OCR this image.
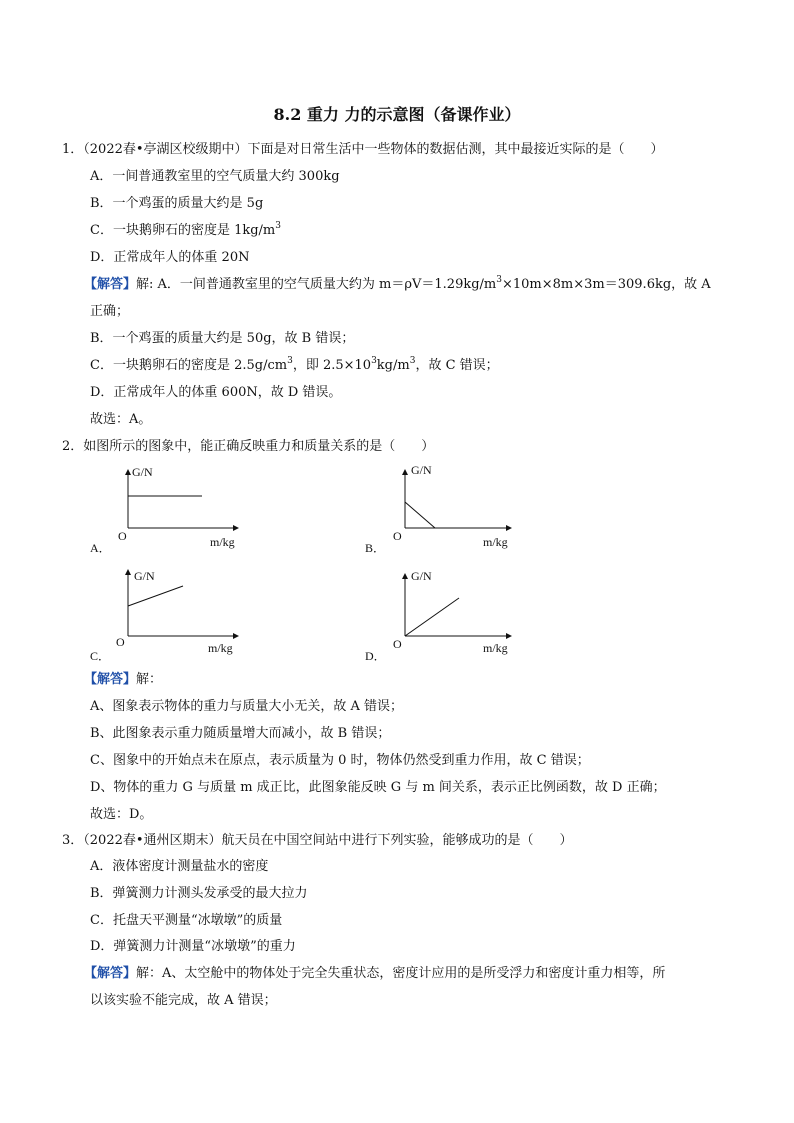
8.2 重力 力的示意图（备课作业）
1．（2022春•亭湖区校级期中）下面是对日常生活中一些物体的数据估测，其中最接近实际的是（　　）
A．一间普通教室里的空气质量大约 300kg
B．一个鸡蛋的质量大约是 5g
C．一块鹅卵石的密度是 $1kg/m^3$
D．正常成年人的体重 20N
【解答】解: A．一间普通教室里的空气质量大约为 $m=\rho V=1.29kg/m^3\times 10m\times 8m\times 3m=309.6kg$，故 A
正确；
B．一个鸡蛋的质量大约是 50g，故 B 错误；
C．一块鹅卵石的密度是 $2.5g/cm^3$，即 $2.5\times 10^3kg/m^3$，故 C 错误；
D．正常成年人的体重 600N，故 D 错误。
故选：A。
2．如图所示的图象中，能正确反映重力和质量关系的是（　　）
G/N
O	m/kg
A．
G/N
O	m/kg
B．
G/N
O	m/kg
C．
G/N
O	m/kg
D．
【解答】解：
A、图象表示物体的重力与质量大小无关，故 A 错误；
B、此图象表示重力随质量增大而减小，故 B 错误；
C、图象中的开始点未在原点，表示质量为 0 时，物体仍然受到重力作用，故 C 错误；
D、物体的重力 G 与质量 m 成正比，此图象能反映 G 与 m 间关系，表示正比例函数，故 D 正确；
故选：D。
3．（2022春•通州区期末）航天员在中国空间站中进行下列实验，能够成功的是（　　）
A．液体密度计测量盐水的密度
B．弹簧测力计测头发承受的最大拉力
C．托盘天平测量“冰墩墩”的质量
D．弹簧测力计测量“冰墩墩”的重力
【解答】解：A、太空舱中的物体处于完全失重状态，密度计应用的是所受浮力和密度计重力相等，所
以该实验不能完成，故 A 错误；
